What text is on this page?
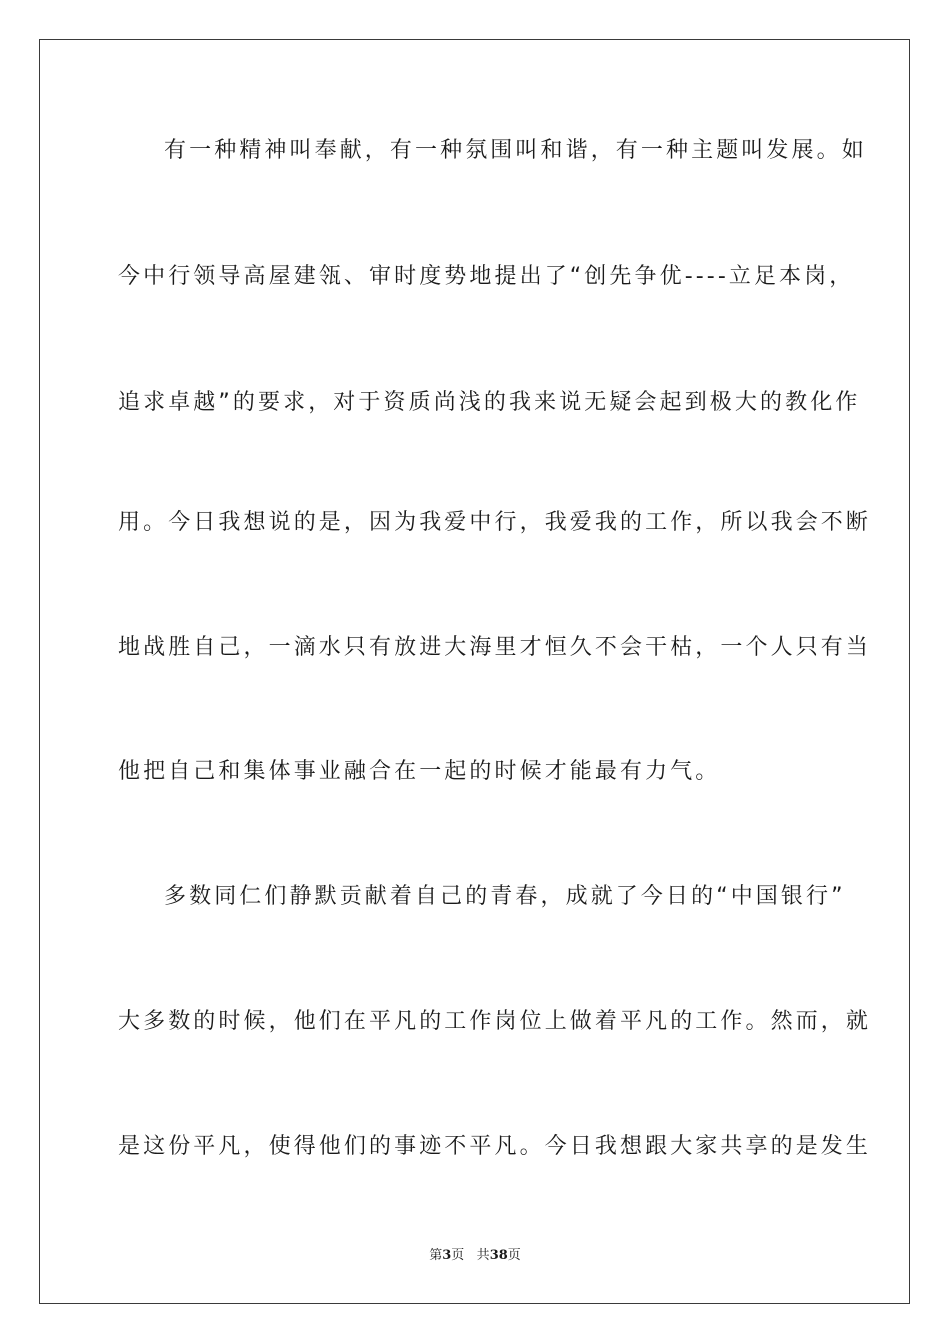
有一种精神叫奉献，有一种氛围叫和谐，有一种主题叫发展。如
今中行领导高屋建瓴、审时度势地提出了“创先争优----立足本岗，
追求卓越”的要求，对于资质尚浅的我来说无疑会起到极大的教化作
用。今日我想说的是，因为我爱中行，我爱我的工作，所以我会不断
地战胜自己，一滴水只有放进大海里才恒久不会干枯，一个人只有当
他把自己和集体事业融合在一起的时候才能最有力气。
多数同仁们静默贡献着自己的青春，成就了今日的“中国银行”
大多数的时候，他们在平凡的工作岗位上做着平凡的工作。然而，就
是这份平凡，使得他们的事迹不平凡。今日我想跟大家共享的是发生
第3页 共38页
